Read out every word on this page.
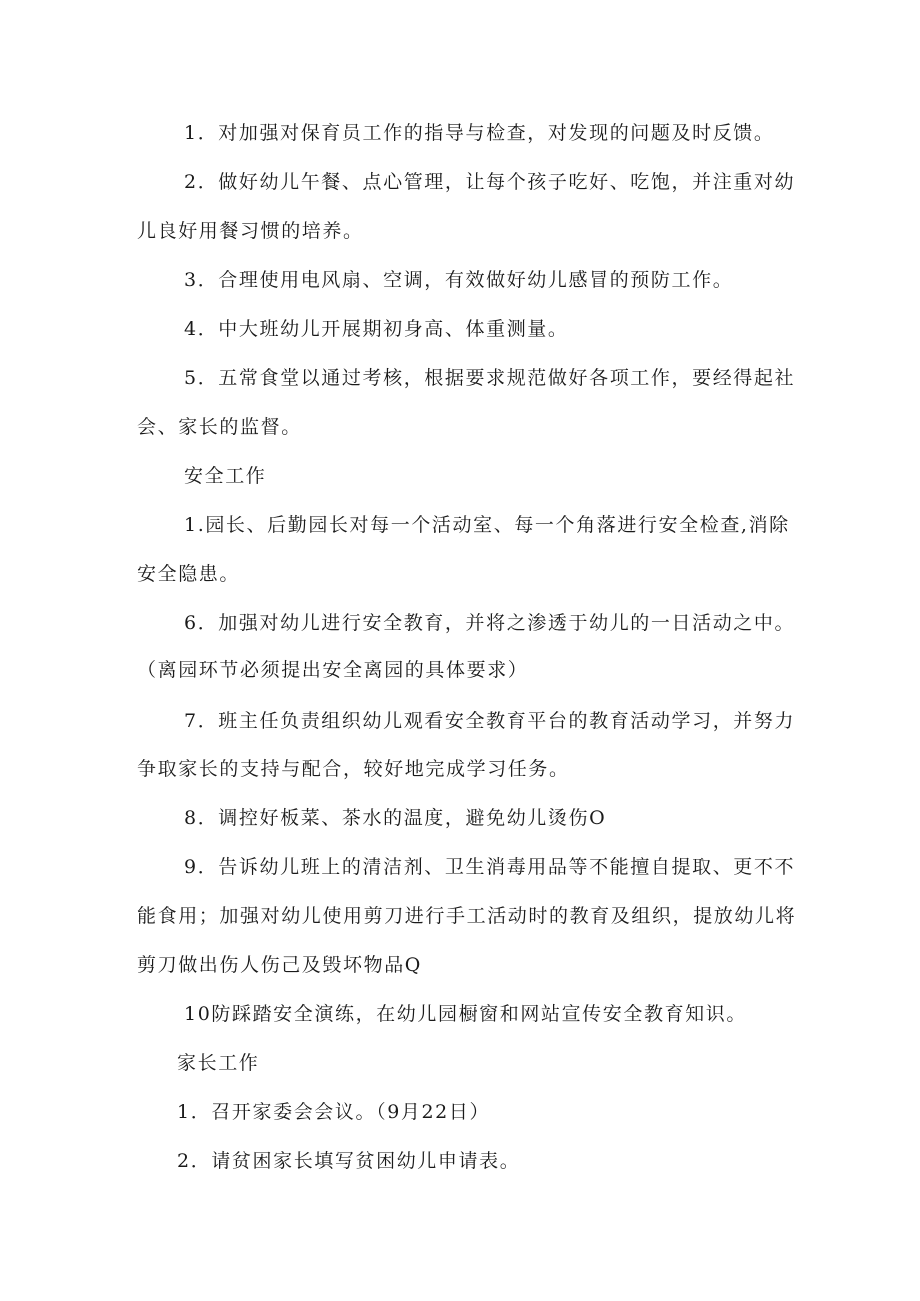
1．对加强对保育员工作的指导与检查，对发现的问题及时反馈。
2．做好幼儿午餐、点心管理，让每个孩子吃好、吃饱，并注重对幼
儿良好用餐习惯的培养。
3．合理使用电风扇、空调，有效做好幼儿感冒的预防工作。
4．中大班幼儿开展期初身高、体重测量。
5．五常食堂以通过考核，根据要求规范做好各项工作，要经得起社
会、家长的监督。
安全工作
1.园长、后勤园长对每一个活动室、每一个角落进行安全检查,消除
安全隐患。
6．加强对幼儿进行安全教育，并将之渗透于幼儿的一日活动之中。
（离园环节必须提出安全离园的具体要求）
7．班主任负责组织幼儿观看安全教育平台的教育活动学习，并努力
争取家长的支持与配合，较好地完成学习任务。
8．调控好板菜、茶水的温度，避免幼儿烫伤O
9．告诉幼儿班上的清洁剂、卫生消毒用品等不能擅自提取、更不不
能食用；加强对幼儿使用剪刀进行手工活动时的教育及组织，提放幼儿将
剪刀做出伤人伤己及毁坏物品Q
10防踩踏安全演练，在幼儿园橱窗和网站宣传安全教育知识。
家长工作
1．召开家委会会议。（9月22日）
2．请贫困家长填写贫困幼儿申请表。
